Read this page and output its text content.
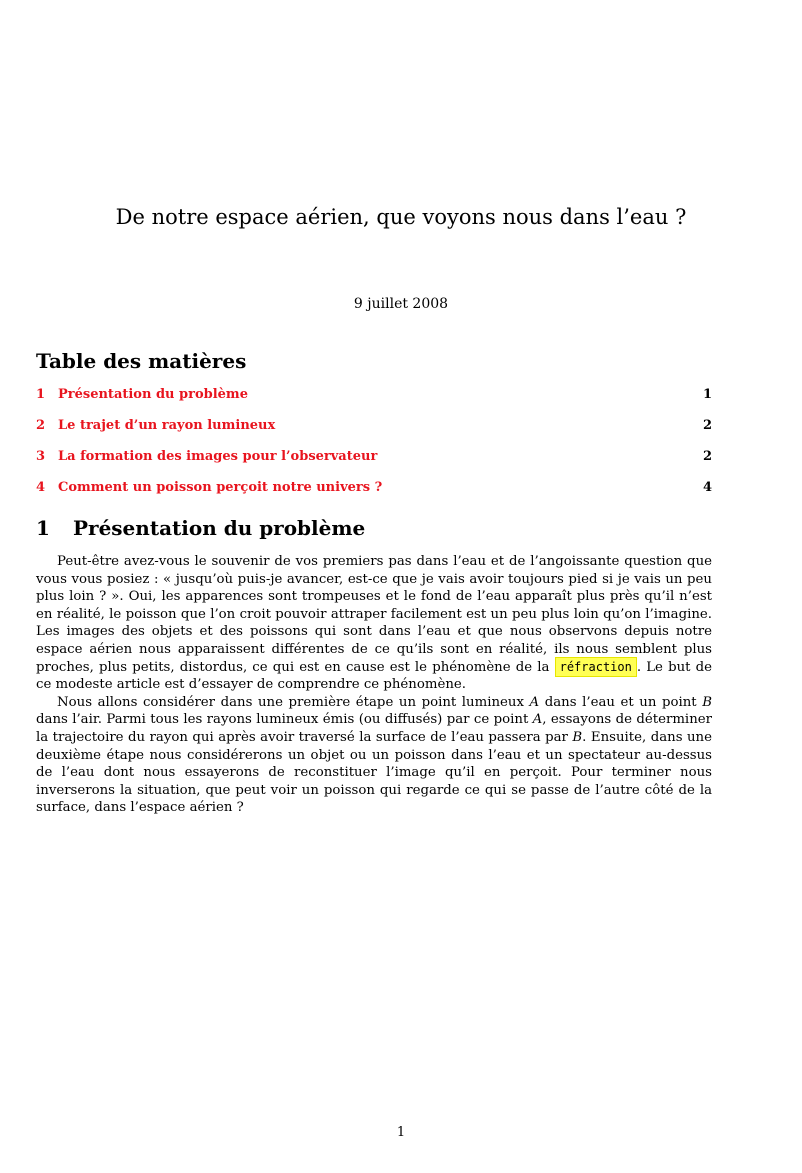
De notre espace aérien, que voyons nous dans l’eau ?
9 juillet 2008
Table des matières
1 Présentation du problème	1
2 Le trajet d’un rayon lumineux	2
3 La formation des images pour l’observateur	2
4 Comment un poisson perçoit notre univers ?	4
1 Présentation du problème

Peut-être avez-vous le souvenir de vos premiers pas dans l’eau et de l’angoissante question que vous vous posiez : « jusqu’où puis-je avancer, est-ce que je vais avoir toujours pied si je vais un peu plus loin ? ». Oui, les apparences sont trompeuses et le fond de l’eau apparaît plus près qu’il n’est en réalité, le poisson que l’on croit pouvoir attraper facilement est un peu plus loin qu’on l’imagine. Les images des objets et des poissons qui sont dans l’eau et que nous observons depuis notre espace aérien nous apparaissent différentes de ce qu’ils sont en réalité, ils nous semblent plus proches, plus petits, distordus, ce qui est en cause est le phénomène de la réfraction . Le but de ce modeste article est d’essayer de comprendre ce phénomène.

Nous allons considérer dans une première étape un point lumineux A dans l’eau et un point B dans l’air. Parmi tous les rayons lumineux émis (ou diffusés) par ce point A, essayons de déterminer la trajectoire du rayon qui après avoir traversé la surface de l’eau passera par B. Ensuite, dans une deuxième étape nous considérerons un objet ou un poisson dans l’eau et un spectateur au-dessus de l’eau dont nous essayerons de reconstituer l’image qu’il en perçoit. Pour terminer nous inverserons la situation, que peut voir un poisson qui regarde ce qui se passe de l’autre côté de la surface, dans l’espace aérien ?

1
